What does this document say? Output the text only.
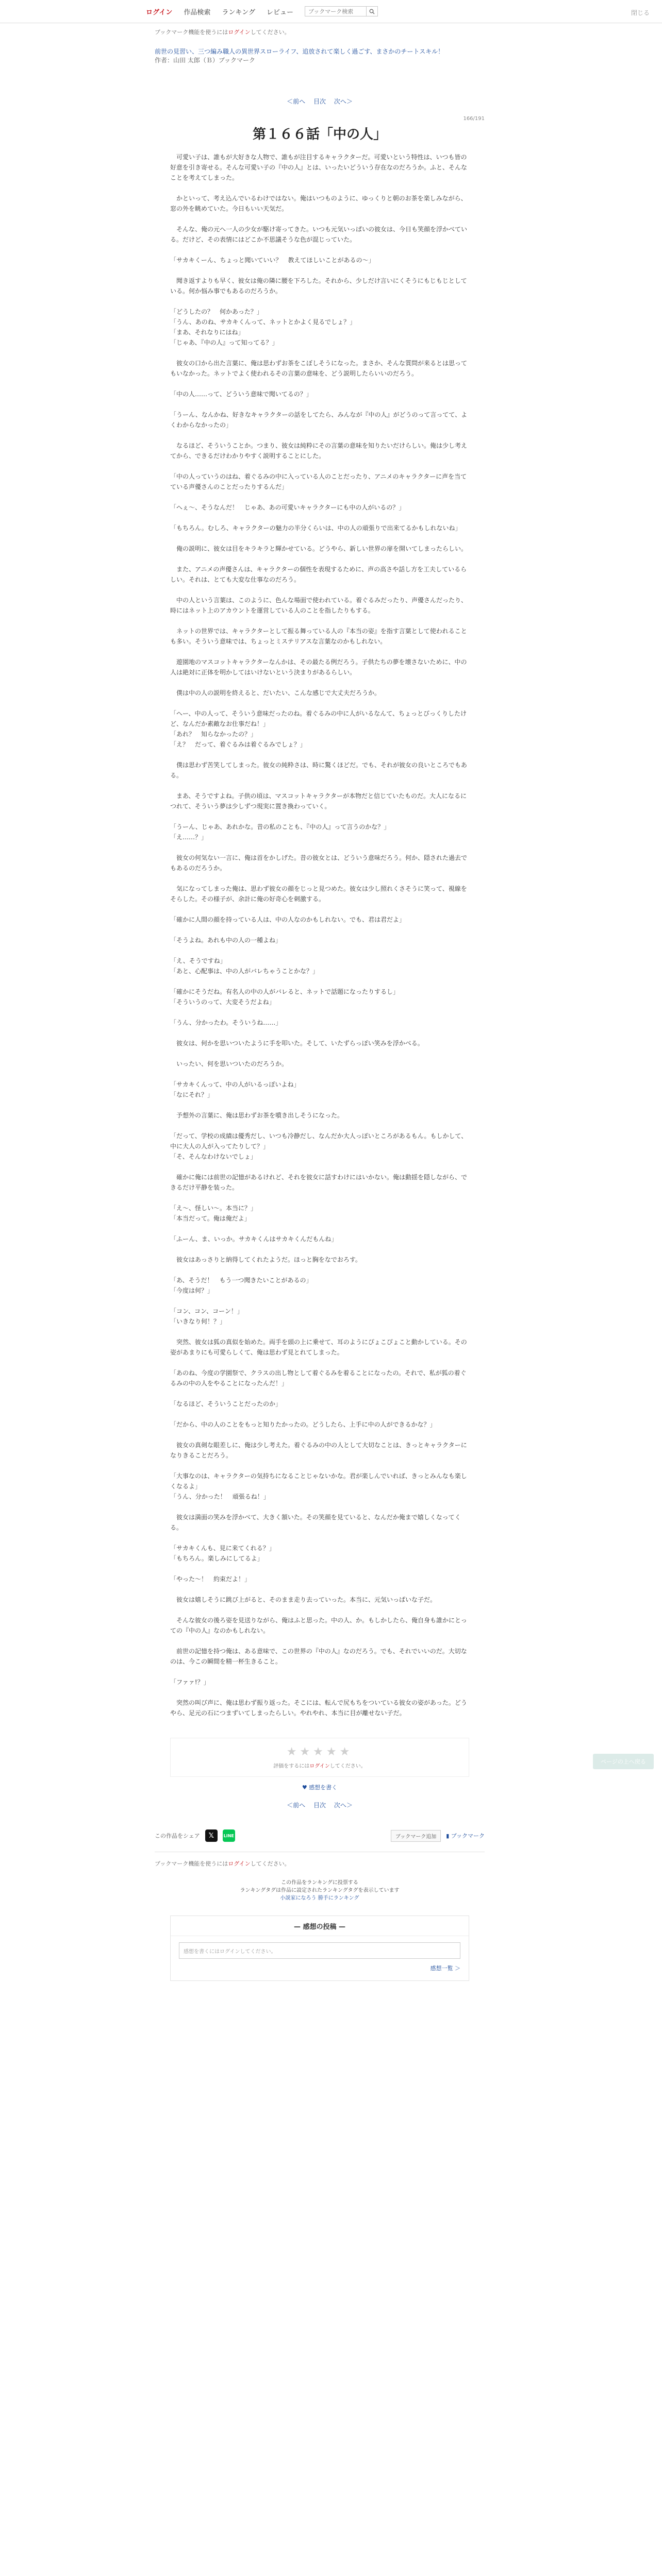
ログイン 作品検索 ランキング レビュー
ブックマーク検索	閉じる
ブックマーク機能を使うにはログインしてください。
前世の見習い、三つ編み職人の異世界スローライフ、追放されて楽しく過ごす、まさかのチートスキル！
作者：山田 太郎（Ｂ）ブックマーク
＜前へ 目次 次へ＞
166/191
第１６６話「中の人」

　可愛い子は、誰もが大好きな人物で、誰もが注目するキャラクターだ。可愛いという特性は、いつも皆の好意を引き寄せる。そんな可愛い子の『中の人』とは、いったいどういう存在なのだろうか。ふと、そんなことを考えてしまった。

　かといって、考え込んでいるわけではない。俺はいつものように、ゆっくりと朝のお茶を楽しみながら、窓の外を眺めていた。今日もいい天気だ。

　そんな、俺の元へ一人の少女が駆け寄ってきた。いつも元気いっぱいの彼女は、今日も笑顔を浮かべている。だけど、その表情にはどこか不思議そうな色が混じっていた。

「サカキくーん、ちょっと聞いていい？　教えてほしいことがあるの～」

　聞き返すよりも早く、彼女は俺の隣に腰を下ろした。それから、少しだけ言いにくそうにもじもじとしている。何か悩み事でもあるのだろうか。

「どうしたの？　何かあった？」
「うん、あのね、サカキくんって、ネットとかよく見るでしょ？」
「まあ、それなりにはね」
「じゃあ、『中の人』って知ってる？」

　彼女の口から出た言葉に、俺は思わずお茶をこぼしそうになった。まさか、そんな質問が来るとは思ってもいなかった。ネットでよく使われるその言葉の意味を、どう説明したらいいのだろう。

「中の人……って、どういう意味で聞いてるの？」

「うーん、なんかね、好きなキャラクターの話をしてたら、みんなが『中の人』がどうのって言ってて、よくわからなかったの」

　なるほど、そういうことか。つまり、彼女は純粋にその言葉の意味を知りたいだけらしい。俺は少し考えてから、できるだけわかりやすく説明することにした。

「中の人っていうのはね、着ぐるみの中に入っている人のことだったり、アニメのキャラクターに声を当てている声優さんのことだったりするんだ」

「へぇ～、そうなんだ！　じゃあ、あの可愛いキャラクターにも中の人がいるの？」

「もちろん。むしろ、キャラクターの魅力の半分くらいは、中の人の頑張りで出来てるかもしれないね」

　俺の説明に、彼女は目をキラキラと輝かせている。どうやら、新しい世界の扉を開いてしまったらしい。

　また、アニメの声優さんは、キャラクターの個性を表現するために、声の高さや話し方を工夫しているらしい。それは、とても大変な仕事なのだろう。

　中の人という言葉は、このように、色んな場面で使われている。着ぐるみだったり、声優さんだったり、時にはネット上のアカウントを運営している人のことを指したりもする。

　ネットの世界では、キャラクターとして振る舞っている人の『本当の姿』を指す言葉として使われることも多い。そういう意味では、ちょっとミステリアスな言葉なのかもしれない。

　遊園地のマスコットキャラクターなんかは、その最たる例だろう。子供たちの夢を壊さないために、中の人は絶対に正体を明かしてはいけないという決まりがあるらしい。

　僕は中の人の説明を終えると、だいたい、こんな感じで大丈夫だろうか。

「へー、中の人って、そういう意味だったのね。着ぐるみの中に人がいるなんて、ちょっとびっくりしたけど、なんだか素敵なお仕事だね！」
「あれ？　知らなかったの？」
「え？　だって、着ぐるみは着ぐるみでしょ？」

　僕は思わず苦笑してしまった。彼女の純粋さは、時に驚くほどだ。でも、それが彼女の良いところでもある。

　まあ、そうですよね。子供の頃は、マスコットキャラクターが本物だと信じていたものだ。大人になるにつれて、そういう夢は少しずつ現実に置き換わっていく。

「うーん、じゃあ、あれかな。昔の私のことも、『中の人』って言うのかな？」
「え……？」

　彼女の何気ない一言に、俺は首をかしげた。昔の彼女とは、どういう意味だろう。何か、隠された過去でもあるのだろうか。

　気になってしまった俺は、思わず彼女の顔をじっと見つめた。彼女は少し照れくさそうに笑って、視線をそらした。その様子が、余計に俺の好奇心を刺激する。

「確かに人間の顔を持っている人は、中の人なのかもしれない。でも、君は君だよ」

「そうよね。あれも中の人の一種よね」

「え、そうですね」
「あと、心配事は、中の人がバレちゃうことかな？」

「確かにそうだね。有名人の中の人がバレると、ネットで話題になったりするし」
「そういうのって、大変そうだよね」

「うん、分かったわ。そういうね……」

　彼女は、何かを思いついたように手を叩いた。そして、いたずらっぽい笑みを浮かべる。

　いったい、何を思いついたのだろうか。

「サカキくんって、中の人がいるっぽいよね」
「なにそれ？」

　予想外の言葉に、俺は思わずお茶を噴き出しそうになった。

「だって、学校の成績は優秀だし、いつも冷静だし、なんだか大人っぽいところがあるもん。もしかして、中に大人の人が入ってたりして？」
「そ、そんなわけないでしょ」

　確かに俺には前世の記憶があるけれど、それを彼女に話すわけにはいかない。俺は動揺を隠しながら、できるだけ平静を装った。

「え～、怪しい～。本当に？」
「本当だって。俺は俺だよ」

「ふーん、ま、いっか。サカキくんはサカキくんだもんね」

　彼女はあっさりと納得してくれたようだ。ほっと胸をなでおろす。

「あ、そうだ！　もう一つ聞きたいことがあるの」
「今度は何？」

「コン、コン、コーン！」
「いきなり何！？」

　突然、彼女は狐の真似を始めた。両手を頭の上に乗せて、耳のようにぴょこぴょこと動かしている。その姿があまりにも可愛らしくて、俺は思わず見とれてしまった。

「あのね、今度の学園祭で、クラスの出し物として着ぐるみを着ることになったの。それで、私が狐の着ぐるみの中の人をやることになったんだ！」

「なるほど、そういうことだったのか」

「だから、中の人のことをもっと知りたかったの。どうしたら、上手に中の人ができるかな？」

　彼女の真剣な眼差しに、俺は少し考えた。着ぐるみの中の人として大切なことは、きっとキャラクターになりきることだろう。

「大事なのは、キャラクターの気持ちになることじゃないかな。君が楽しんでいれば、きっとみんなも楽しくなるよ」
「うん、分かった！　頑張るね！」

　彼女は満面の笑みを浮かべて、大きく頷いた。その笑顔を見ていると、なんだか俺まで嬉しくなってくる。

「サカキくんも、見に来てくれる？」
「もちろん。楽しみにしてるよ」

「やった～！　約束だよ！」

　彼女は嬉しそうに跳び上がると、そのまま走り去っていった。本当に、元気いっぱいな子だ。

　そんな彼女の後ろ姿を見送りながら、俺はふと思った。中の人、か。もしかしたら、俺自身も誰かにとっての『中の人』なのかもしれない。

　前世の記憶を持つ俺は、ある意味で、この世界の『中の人』なのだろう。でも、それでいいのだ。大切なのは、今この瞬間を精一杯生きること。

「ファァ!？」

　突然の叫び声に、俺は思わず振り返った。そこには、転んで尻もちをついている彼女の姿があった。どうやら、足元の石につまずいてしまったらしい。やれやれ、本当に目が離せない子だ。

★★★★★
評価をするにはログインしてください。
♥ 感想を書く
＜前へ 目次 次へ＞
この作品をシェア	𝕏	LINE	ブックマーク追加	▮ ブックマーク
ブックマーク機能を使うにはログインしてください。
この作品をランキングに投票する
ランキングタグは作品に設定されたランキングタグを表示しています
小説家になろう 勝手にランキング
— 感想の投稿 —
感想を書くにはログインしてください。
感想一覧 ＞
ページの上へ戻る
